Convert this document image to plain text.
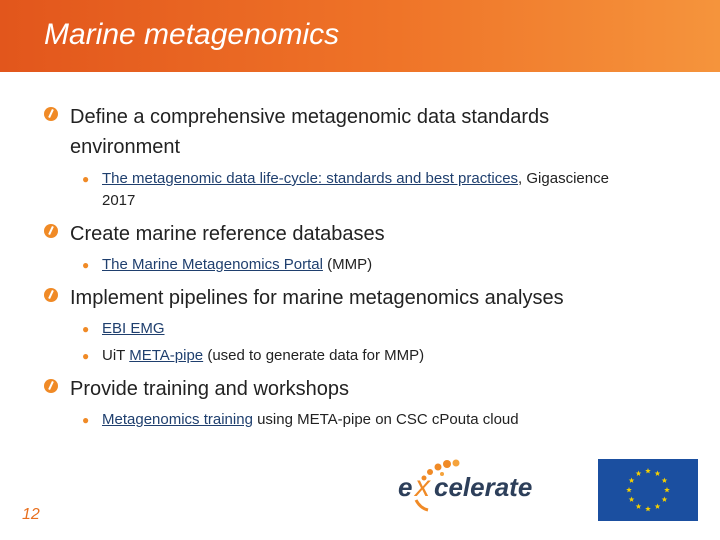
Marine metagenomics
Define a comprehensive metagenomic data standards environment
● The metagenomic data life-cycle: standards and best practices, Gigascience 2017
Create marine reference databases
● The Marine Metagenomics Portal (MMP)
Implement pipelines for marine metagenomics analyses
● EBI EMG
● UiT META-pipe (used to generate data for MMP)
Provide training and workshops
● Metagenomics training using META-pipe on CSC cPouta cloud
e x celerate
12
